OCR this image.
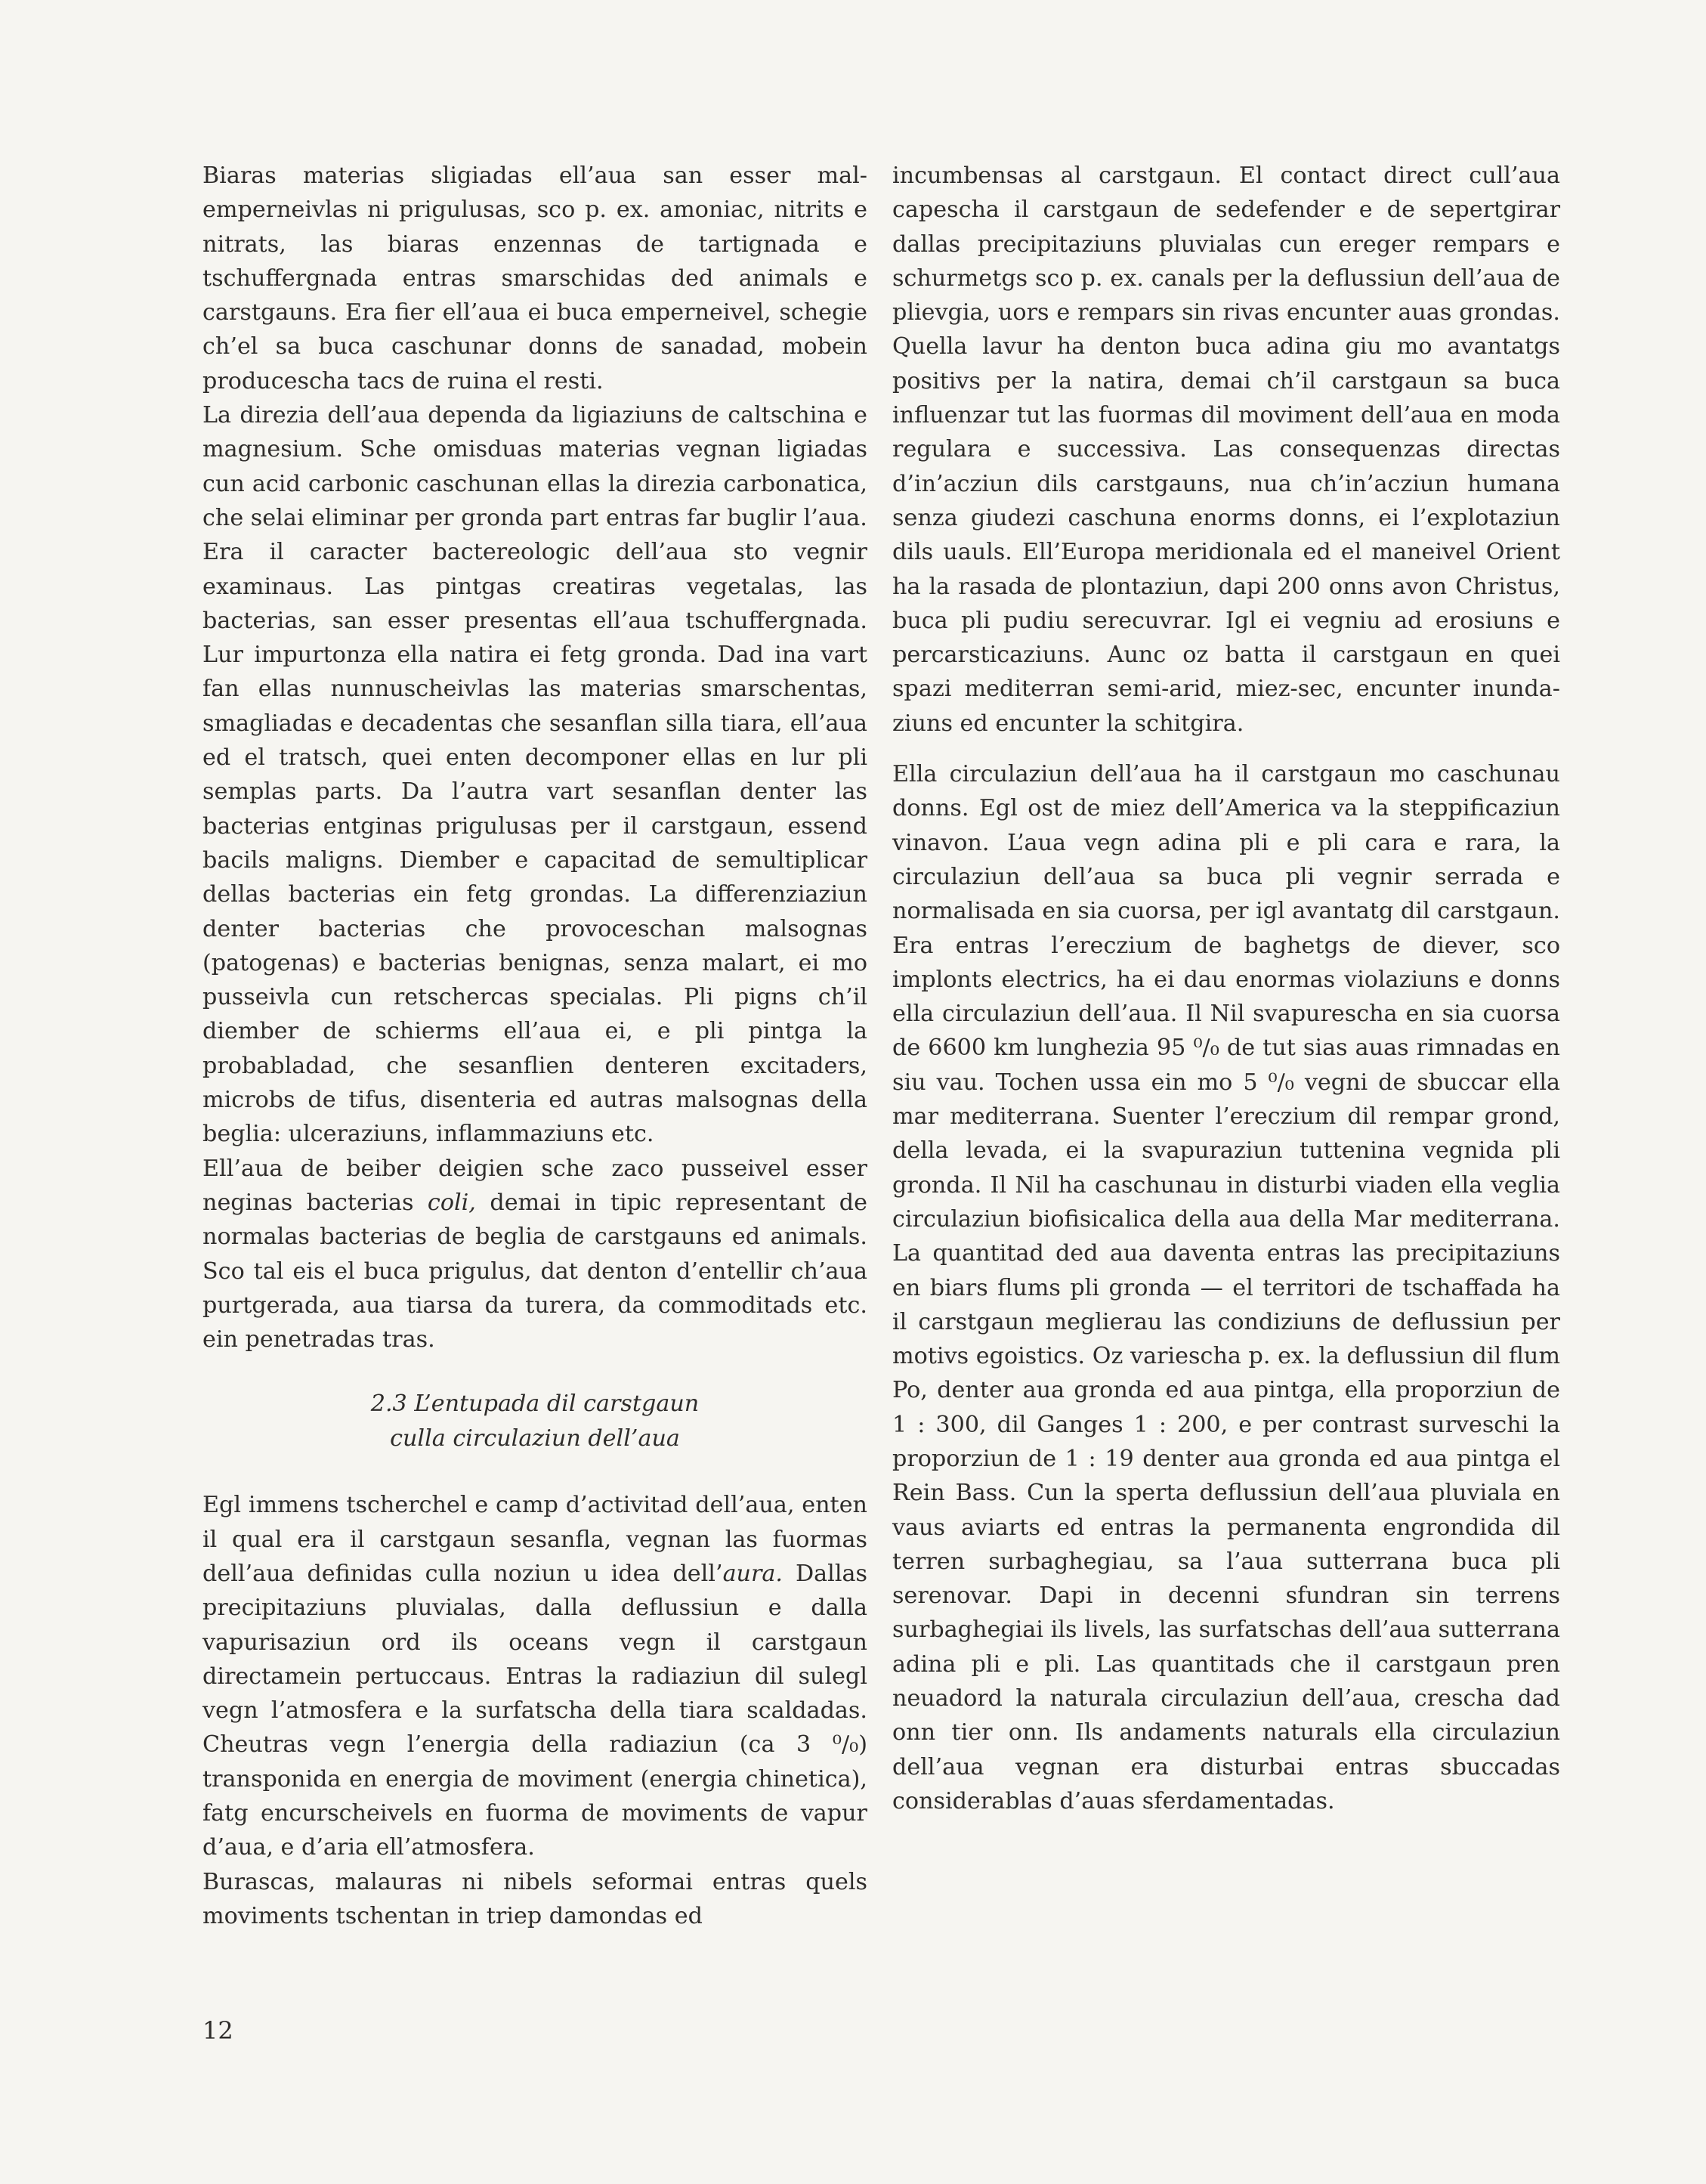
Biaras materias sligiadas ell’aua san esser malemperneivlas ni prigulusas, sco p. ex. amoniac, nitrits e nitrats, las biaras enzennas de tartignada e tschuffergnada entras smarschidas ded animals e carstgauns. Era fier ell’aua ei buca emperneivel, schegie ch’el sa buca caschunar donns de sanadad, mobein producescha tacs de ruina el resti.

La direzia dell’aua dependa da ligiaziuns de caltschina e magnesium. Sche omisduas materias vegnan ligiadas cun acid carbonic caschunan ellas la direzia carbonatica, che selai eliminar per gronda part entras far buglir l’aua.

Era il caracter bactereologic dell’aua sto vegnir examinaus. Las pintgas creatiras vegetalas, las bacterias, san esser presentas ell’aua tschuffergnada. Lur impurtonza ella natira ei fetg gronda. Dad ina vart fan ellas nunnuscheivlas las materias smarschentas, smagliadas e decadentas che sesanflan silla tiara, ell’aua ed el tratsch, quei enten decomponer ellas en lur pli semplas parts. Da l’autra vart sesanflan denter las bacterias entginas prigulusas per il carstgaun, essend bacils maligns. Diember e capacitad de semultiplicar dellas bacterias ein fetg grondas. La differenziaziun denter bacterias che provoceschan malsognas (patogenas) e bacterias benignas, senza malart, ei mo pusseivla cun retschercas specialas. Pli pigns ch’il diember de schierms ell’aua ei, e pli pintga la probabladad, che sesanflien denteren excitaders, microbs de tifus, disenteria ed autras malsognas della beglia: ulceraziuns, inflammaziuns etc.

Ell’aua de beiber deigien sche zaco pusseivel esser neginas bacterias coli, demai in tipic representant de normalas bacterias de beglia de carstgauns ed animals. Sco tal eis el buca prigulus, dat denton d’entellir ch’aua purtgerada, aua tiarsa da turera, da commoditads etc. ein penetradas tras.

2.3 L’entupada dil carstgaun
culla circulaziun dell’aua

Egl immens tscherchel e camp d’activitad dell’aua, enten il qual era il carstgaun sesanfla, vegnan las fuormas dell’aua definidas culla noziun u idea dell’aura. Dallas precipitaziuns pluvialas, dalla deflussiun e dalla vapurisaziun ord ils oceans vegn il carstgaun directamein pertuccaus. Entras la radiaziun dil sulegl vegn l’atmosfera e la surfatscha della tiara scaldadas. Cheutras vegn l’energia della radiaziun (ca 3 ⁰/₀) transponida en energia de moviment (energia chinetica), fatg encurscheivels en fuorma de moviments de vapur d’aua, e d’aria ell’atmosfera.

Burascas, malauras ni nibels seformai entras quels moviments tschentan in triep damondas ed

incumbensas al carstgaun. El contact direct cull’aua capescha il carstgaun de sedefender e de sepertgirar dallas precipitaziuns pluvialas cun ereger rempars e schurmetgs sco p. ex. canals per la deflussiun dell’aua de plievgia, uors e rempars sin rivas encunter auas grondas. Quella lavur ha denton buca adina giu mo avantatgs positivs per la natira, demai ch’il carstgaun sa buca influenzar tut las fuormas dil moviment dell’aua en moda regulara e successiva. Las consequenzas directas d’in’acziun dils carstgauns, nua ch’in’acziun humana senza giudezi caschuna enorms donns, ei l’explotaziun dils uauls. Ell’Europa meridionala ed el maneivel Orient ha la rasada de plontaziun, dapi 200 onns avon Christus, buca pli pudiu serecuvrar. Igl ei vegniu ad erosiuns e percarsticaziuns. Aunc oz batta il carstgaun en quei spazi mediterran semi-arid, miez-sec, encunter inundaziuns ed encunter la schitgira.

Ella circulaziun dell’aua ha il carstgaun mo caschunau donns. Egl ost de miez dell’America va la steppificaziun vinavon. L’aua vegn adina pli e pli cara e rara, la circulaziun dell’aua sa buca pli vegnir serrada e normalisada en sia cuorsa, per igl avantatg dil carstgaun. Era entras l’ereczium de baghetgs de diever, sco implonts electrics, ha ei dau enormas violaziuns e donns ella circulaziun dell’aua. Il Nil svapurescha en sia cuorsa de 6600 km lunghezia 95 ⁰/₀ de tut sias auas rimnadas en siu vau. Tochen ussa ein mo 5 ⁰/₀ vegni de sbuccar ella mar mediterrana. Suenter l’ereczium dil rempar grond, della levada, ei la svapuraziun tuttenina vegnida pli gronda. Il Nil ha caschunau in disturbi viaden ella veglia circulaziun biofisicalica della aua della Mar mediterrana. La quantitad ded aua daventa entras las precipitaziuns en biars flums pli gronda — el territori de tschaffada ha il carstgaun meglierau las condiziuns de deflussiun per motivs egoistics. Oz variescha p. ex. la deflussiun dil flum Po, denter aua gronda ed aua pintga, ella proporziun de 1 : 300, dil Ganges 1 : 200, e per contrast surveschi la proporziun de 1 : 19 denter aua gronda ed aua pintga el Rein Bass. Cun la sperta deflussiun dell’aua pluviala en vaus aviarts ed entras la permanenta engrondida dil terren surbaghegiau, sa l’aua sutterrana buca pli serenovar. Dapi in decenni sfundran sin terrens surbaghegiai ils livels, las surfatschas dell’aua sutterrana adina pli e pli. Las quantitads che il carstgaun pren neuadord la naturala circulaziun dell’aua, crescha dad onn tier onn. Ils andaments naturals ella circulaziun dell’aua vegnan era disturbai entras sbuccadas considerablas d’auas sferdamentadas.

12
